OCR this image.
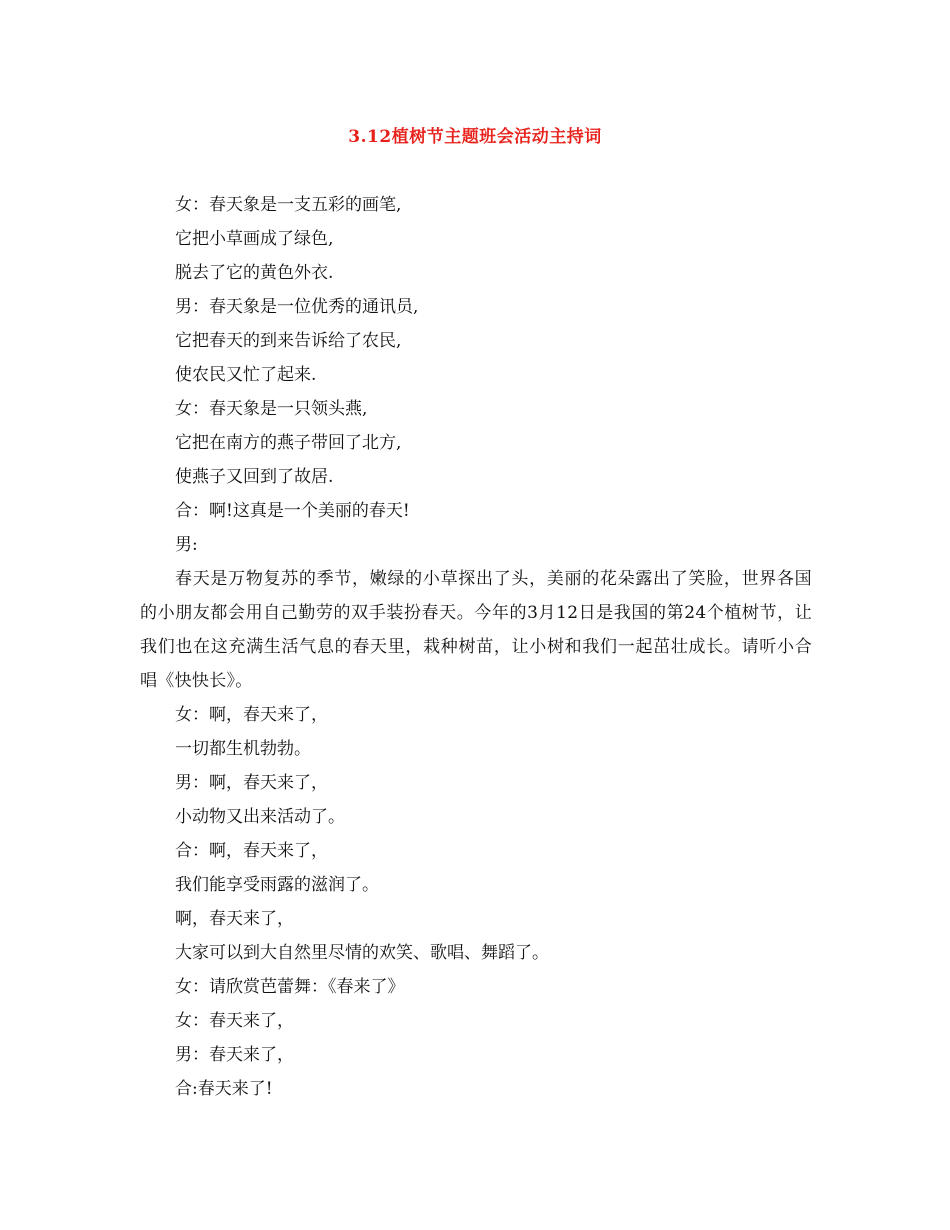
3.12植树节主题班会活动主持词
女：春天象是一支五彩的画笔,
它把小草画成了绿色,
脱去了它的黄色外衣.
男：春天象是一位优秀的通讯员,
它把春天的到来告诉给了农民,
使农民又忙了起来.
女：春天象是一只领头燕,
它把在南方的燕子带回了北方,
使燕子又回到了故居.
合：啊!这真是一个美丽的春天!
男:
春天是万物复苏的季节，嫩绿的小草探出了头，美丽的花朵露出了笑脸，世界各国的小朋友都会用自己勤劳的双手装扮春天。今年的3月12日是我国的第24个植树节，让我们也在这充满生活气息的春天里，栽种树苗，让小树和我们一起茁壮成长。请听小合唱《快快长》。
女：啊，春天来了，
一切都生机勃勃。
男：啊，春天来了，
小动物又出来活动了。
合：啊，春天来了，
我们能享受雨露的滋润了。
啊，春天来了，
大家可以到大自然里尽情的欢笑、歌唱、舞蹈了。
女：请欣赏芭蕾舞：《春来了》
女：春天来了，
男：春天来了，
合:春天来了!
